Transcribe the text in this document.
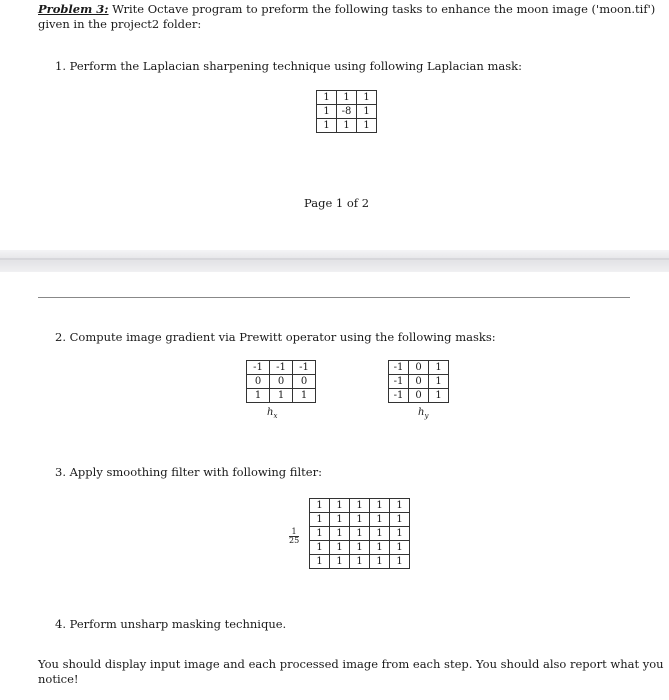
Problem 3: Write Octave program to preform the following tasks to enhance the moon image ('moon.tif')
given in the project2 folder:
1. Perform the Laplacian sharpening technique using following Laplacian mask:
1	1	1
1	-8	1
1	1	1
Page 1 of 2
2. Compute image gradient via Prewitt operator using the following masks:
-1	-1	-1
0	0	0
1	1	1
$h_x$
-1	0	1
-1	0	1
-1	0	1
$h_y$
3. Apply smoothing filter with following filter:
$\frac{1}{25}$
1	1	1	1	1
1	1	1	1	1
1	1	1	1	1
1	1	1	1	1
1	1	1	1	1
4. Perform unsharp masking technique.
You should display input image and each processed image from each step. You should also report what you
notice!
